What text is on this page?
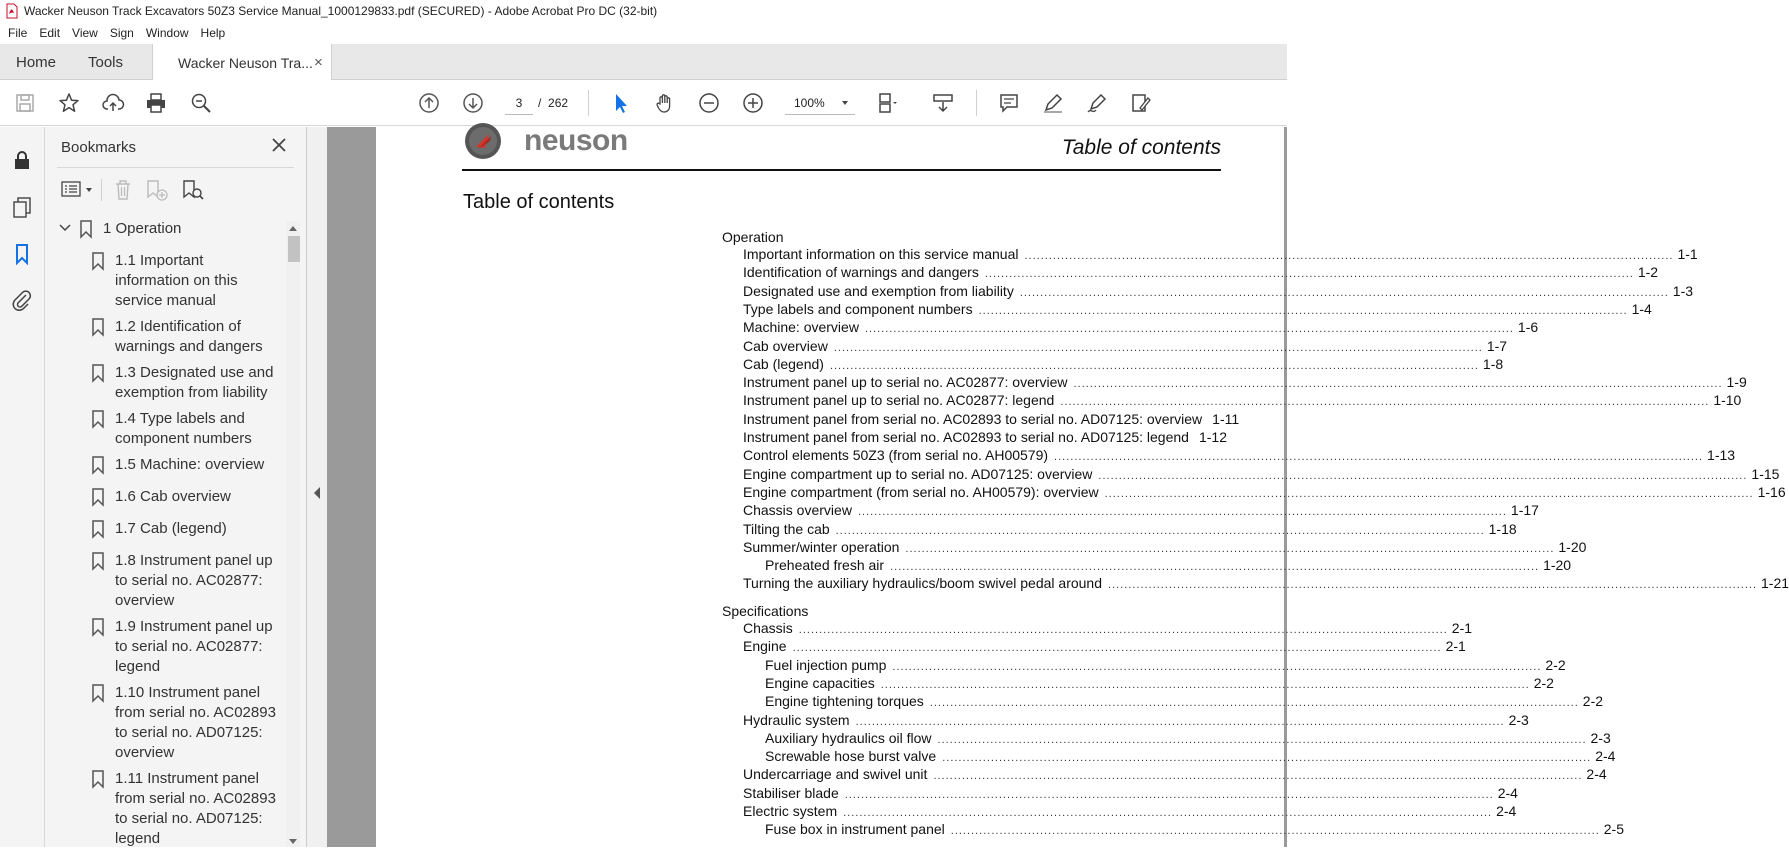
Wacker Neuson Track Excavators 50Z3 Service Manual_1000129833.pdf (SECURED) - Adobe Acrobat Pro DC (32-bit)
File	Edit	View	Sign	Window	Help
Home Tools	Wacker Neuson Tra... ×
3	/ 262	100%
Bookmarks
1 Operation
1.1 Important
information on this
service manual
1.2 Identification of
warnings and dangers
1.3 Designated use and
exemption from liability
1.4 Type labels and
component numbers
1.5 Machine: overview
1.6 Cab overview
1.7 Cab (legend)
1.8 Instrument panel up
to serial no. AC02877:
overview
1.9 Instrument panel up
to serial no. AC02877:
legend
1.10 Instrument panel
from serial no. AC02893
to serial no. AD07125:
overview
1.11 Instrument panel
from serial no. AC02893
to serial no. AD07125:
legend
neuson	Table of contents
Table of contents
Operation
Important information on this service manual ................................................................................................................................................................ 1-1
Identification of warnings and dangers ................................................................................................................................................................ 1-2
Designated use and exemption from liability ................................................................................................................................................................ 1-3
Type labels and component numbers ................................................................................................................................................................ 1-4
Machine: overview ................................................................................................................................................................ 1-6
Cab overview ................................................................................................................................................................ 1-7
Cab (legend) ................................................................................................................................................................ 1-8
Instrument panel up to serial no. AC02877: overview ................................................................................................................................................................ 1-9
Instrument panel up to serial no. AC02877: legend ................................................................................................................................................................ 1-10
Instrument panel from serial no. AC02893 to serial no. AD07125: overview 1-11
Instrument panel from serial no. AC02893 to serial no. AD07125: legend 1-12
Control elements 50Z3 (from serial no. AH00579) ................................................................................................................................................................ 1-13
Engine compartment up to serial no. AD07125: overview ................................................................................................................................................................ 1-15
Engine compartment (from serial no. AH00579): overview ................................................................................................................................................................ 1-16
Chassis overview ................................................................................................................................................................ 1-17
Tilting the cab ................................................................................................................................................................ 1-18
Summer/winter operation ................................................................................................................................................................ 1-20
Preheated fresh air ................................................................................................................................................................ 1-20
Turning the auxiliary hydraulics/boom swivel pedal around ................................................................................................................................................................ 1-21
Specifications
Chassis ................................................................................................................................................................ 2-1
Engine ................................................................................................................................................................ 2-1
Fuel injection pump ................................................................................................................................................................ 2-2
Engine capacities ................................................................................................................................................................ 2-2
Engine tightening torques ................................................................................................................................................................ 2-2
Hydraulic system ................................................................................................................................................................ 2-3
Auxiliary hydraulics oil flow ................................................................................................................................................................ 2-3
Screwable hose burst valve ................................................................................................................................................................ 2-4
Undercarriage and swivel unit ................................................................................................................................................................ 2-4
Stabiliser blade ................................................................................................................................................................ 2-4
Electric system ................................................................................................................................................................ 2-4
Fuse box in instrument panel ................................................................................................................................................................ 2-5
